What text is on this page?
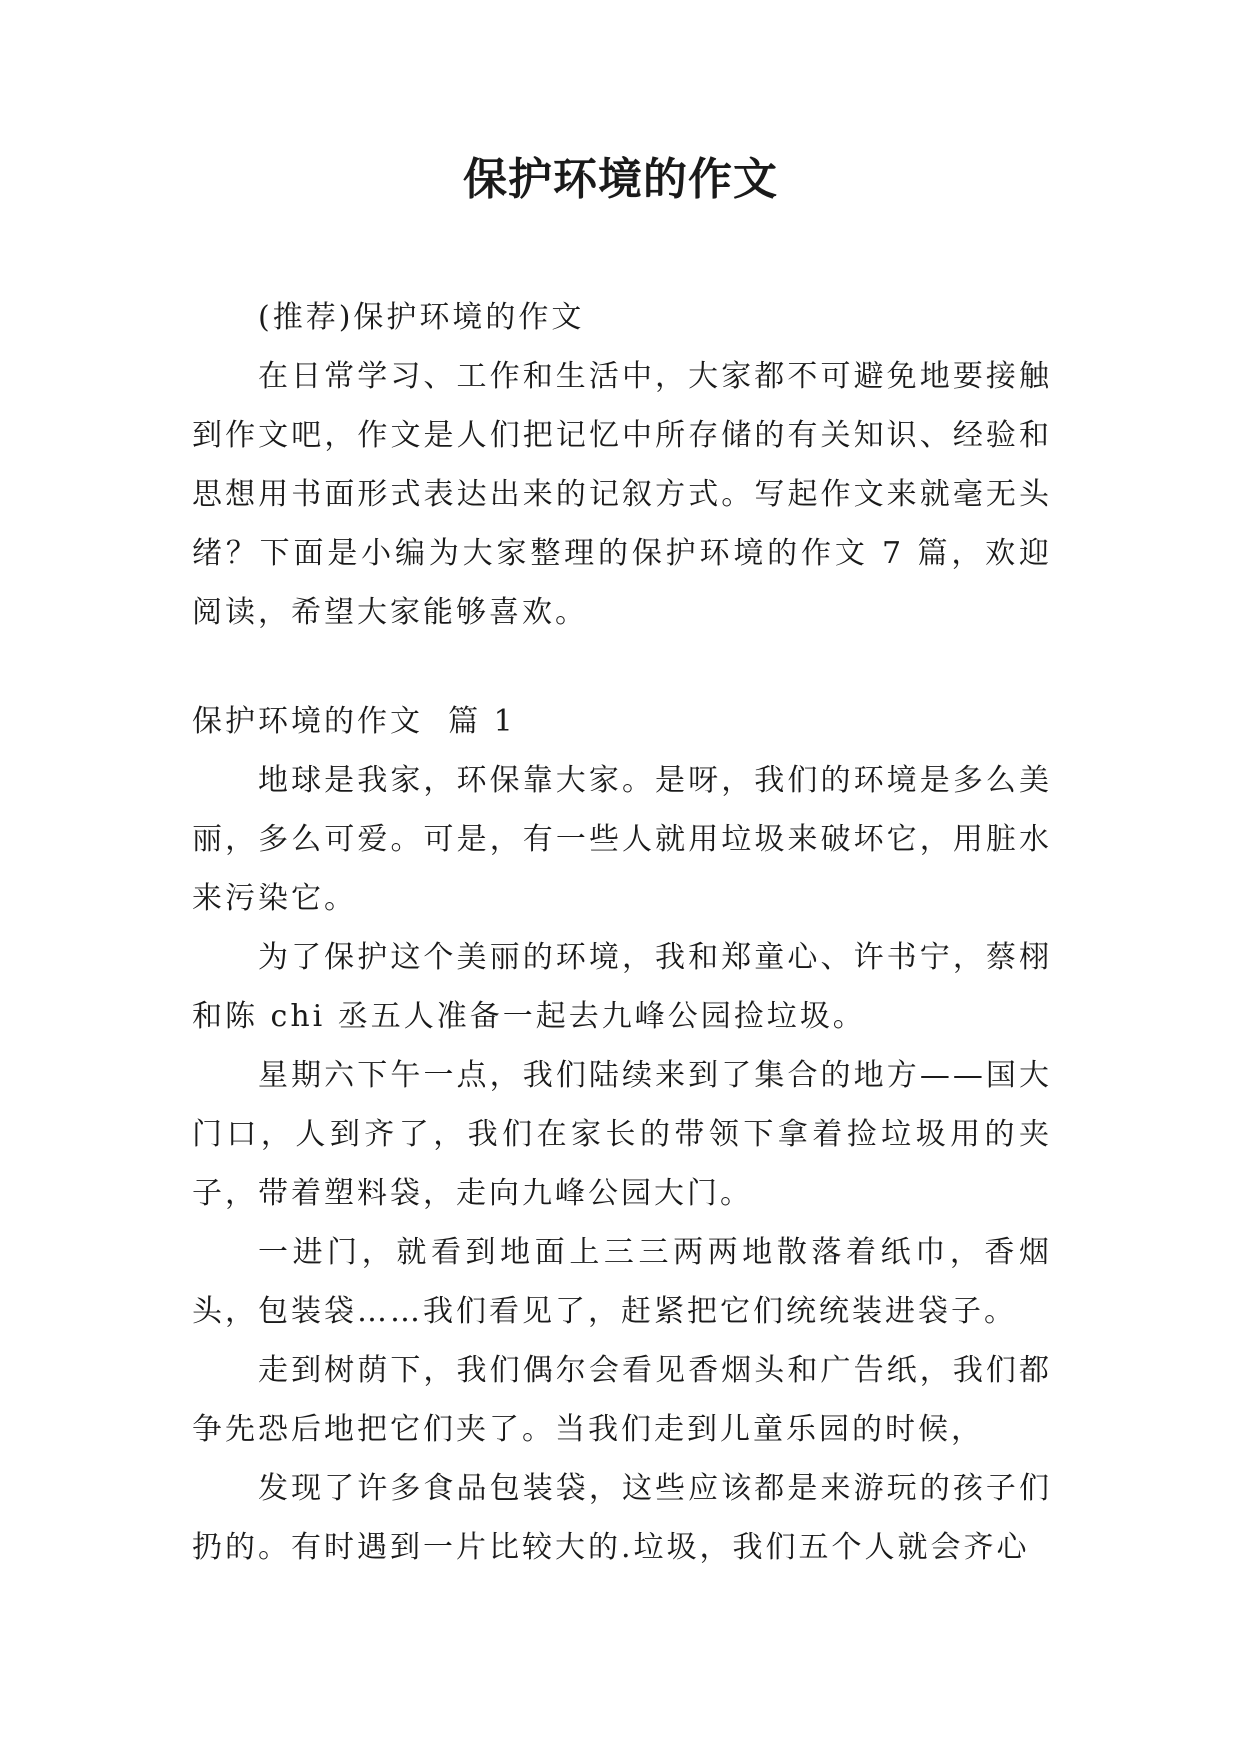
保护环境的作文

(推荐)保护环境的作文

在日常学习、工作和生活中，大家都不可避免地要接触到作文吧，作文是人们把记忆中所存储的有关知识、经验和思想用书面形式表达出来的记叙方式。写起作文来就毫无头绪？下面是小编为大家整理的保护环境的作文 7 篇，欢迎阅读，希望大家能够喜欢。

保护环境的作文  篇 1

地球是我家，环保靠大家。是呀，我们的环境是多么美丽，多么可爱。可是，有一些人就用垃圾来破坏它，用脏水来污染它。

为了保护这个美丽的环境，我和郑童心、许书宁，蔡栩和陈 chi 丞五人准备一起去九峰公园捡垃圾。

星期六下午一点，我们陆续来到了集合的地方——国大门口，人到齐了，我们在家长的带领下拿着捡垃圾用的夹子，带着塑料袋，走向九峰公园大门。

一进门，就看到地面上三三两两地散落着纸巾，香烟头，包装袋……我们看见了，赶紧把它们统统装进袋子。

走到树荫下，我们偶尔会看见香烟头和广告纸，我们都争先恐后地把它们夹了。当我们走到儿童乐园的时候，

发现了许多食品包装袋，这些应该都是来游玩的孩子们扔的。有时遇到一片比较大的.垃圾，我们五个人就会齐心
